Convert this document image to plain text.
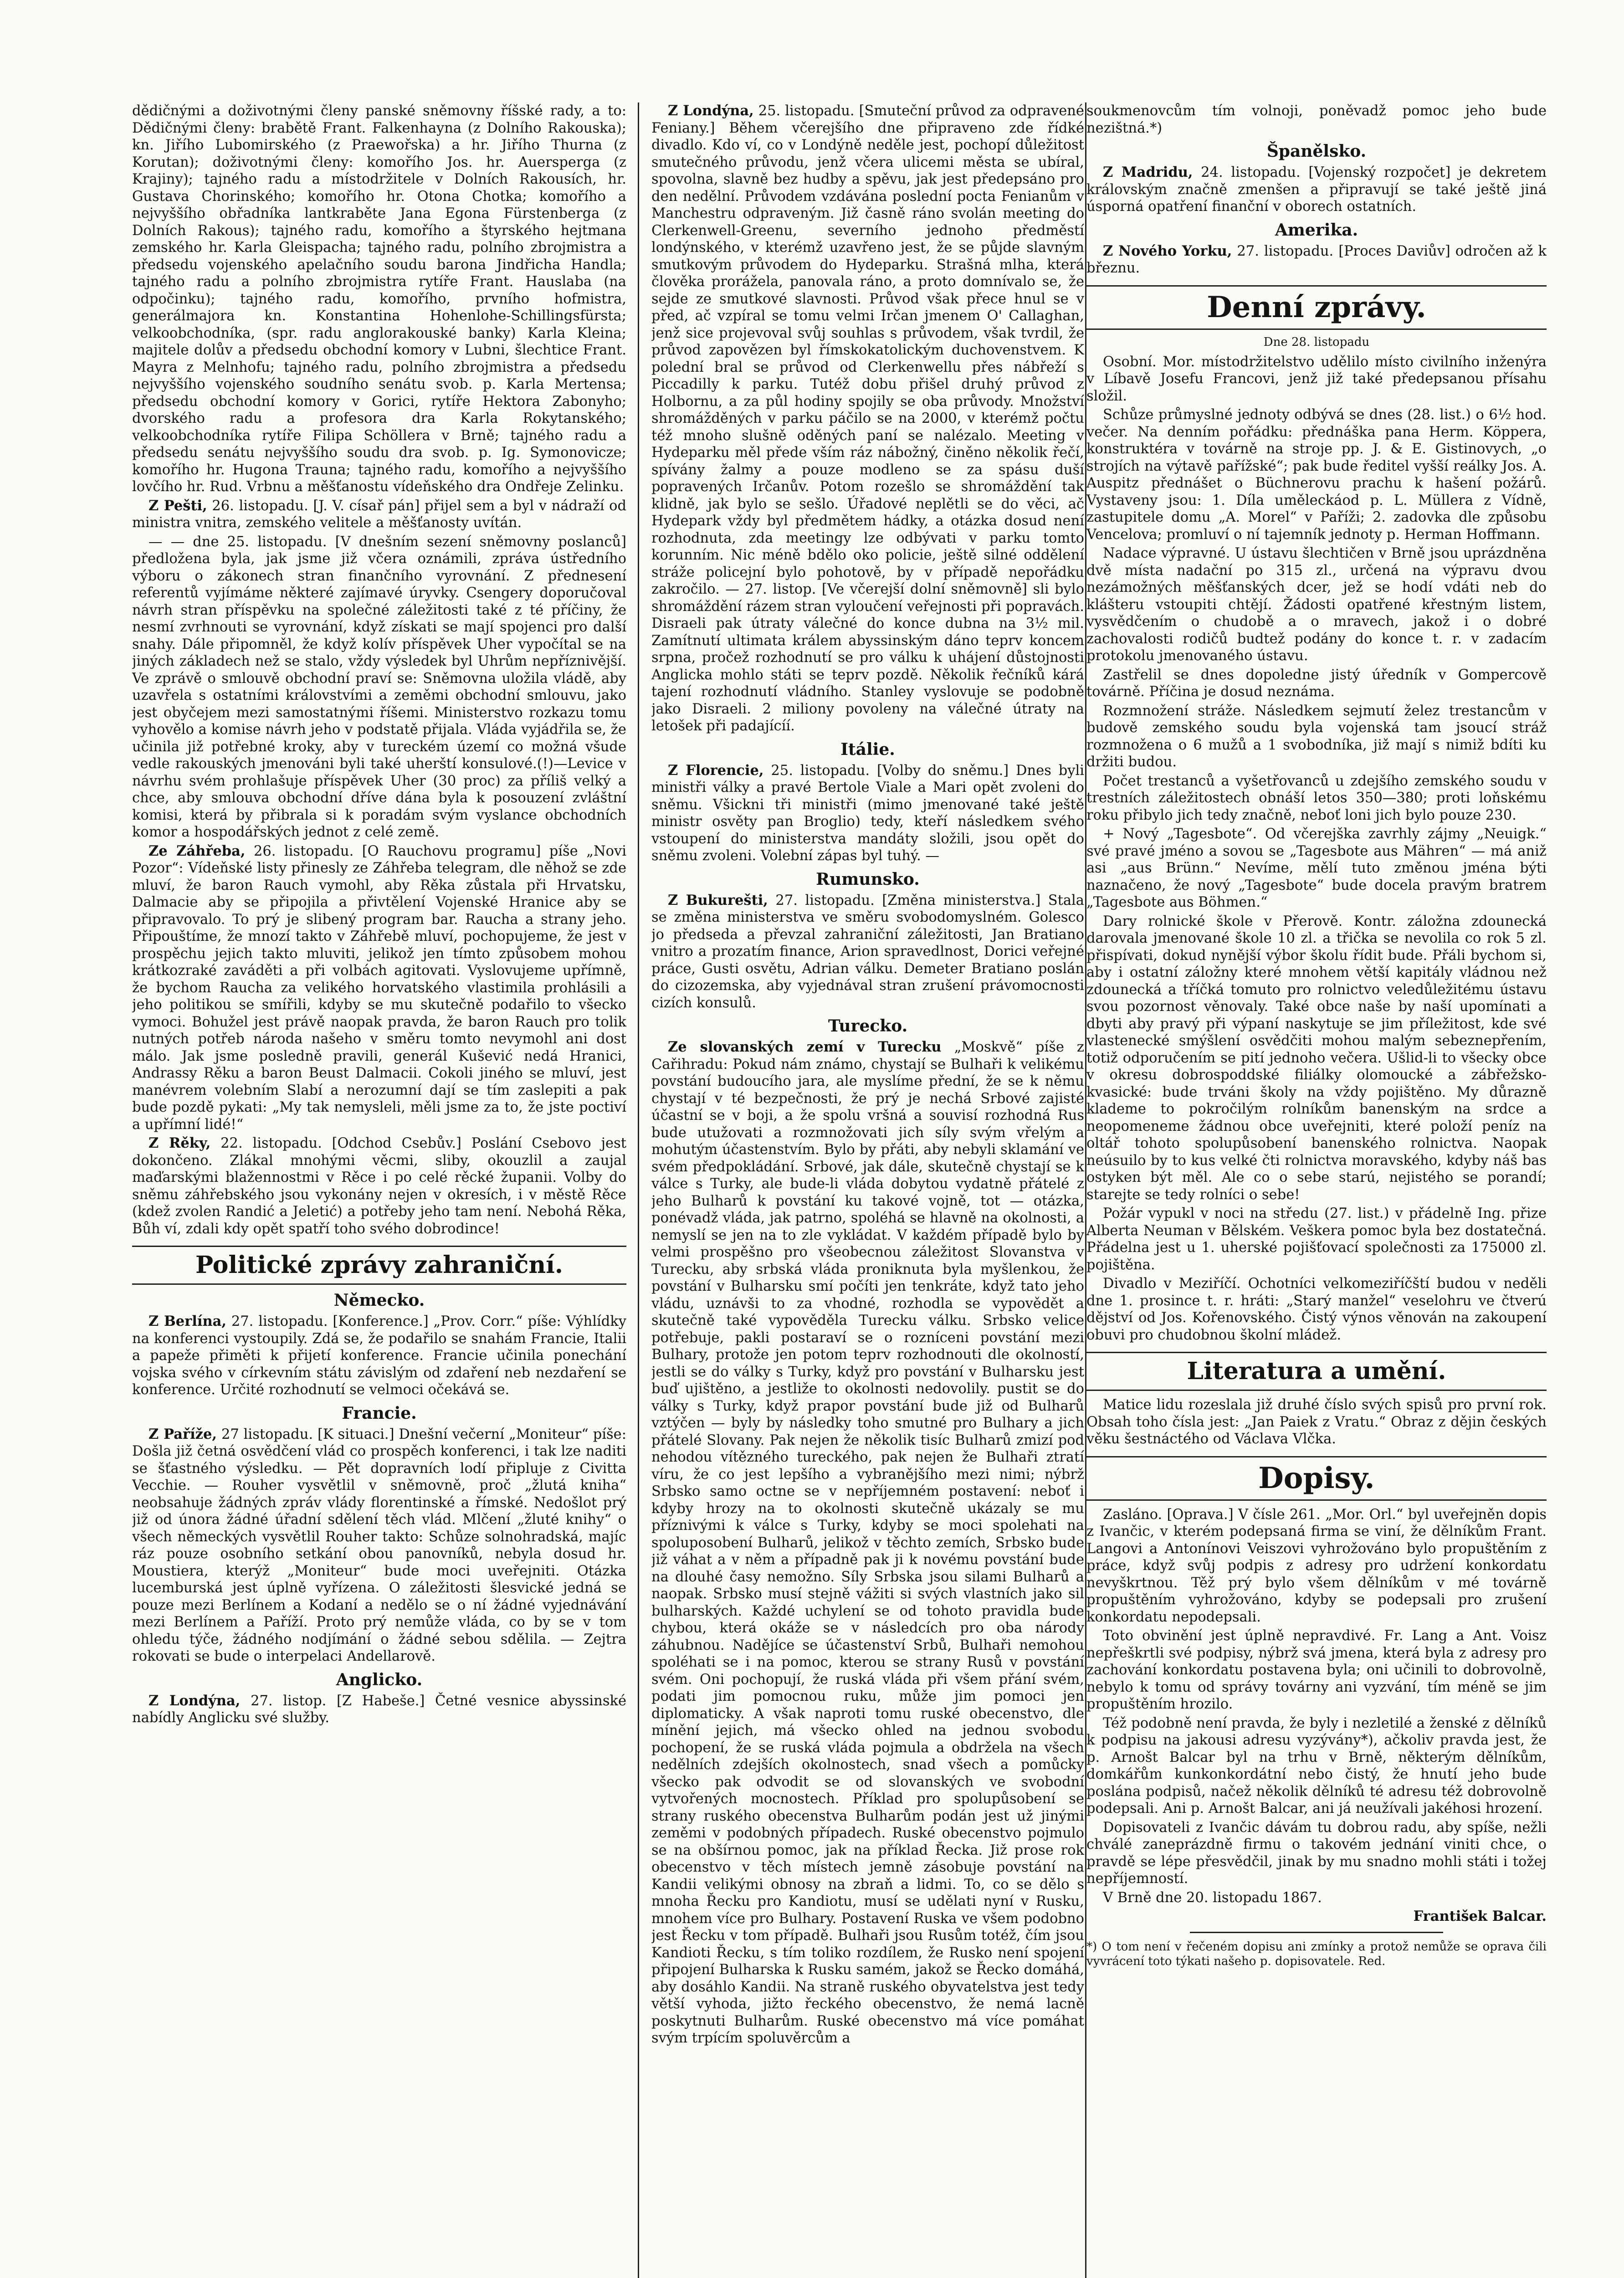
dědičnými a doživotnými členy panské sněmovny říšské rady, a to: Dědičnými členy: brabětě Frant. Falkenhayna (z Dolního Rakouska); kn. Jiřího Lubomirského (z Praewořska) a hr. Jiřího Thurna (z Korutan); doživotnými členy: komořího Jos. hr. Auersperga (z Krajiny); tajného radu a místodržitele v Dolních Rakousích, hr. Gustava Chorinského; komořího hr. Otona Chotka; komořího a nejvyššího obřadníka lantkraběte Jana Egona Fürstenberga (z Dolních Rakous); tajného radu, komořího a štyrského hejtmana zemského hr. Karla Gleispacha; tajného radu, polního zbrojmistra a předsedu vojenského apelačního soudu barona Jindřicha Handla; tajného radu a polního zbrojmistra rytíře Frant. Hauslaba (na odpočinku); tajného radu, komořího, prvního hofmistra, generálmajora kn. Konstantina Hohenlohe-Schillingsfürsta; velkoobchodníka, (spr. radu anglorakouské banky) Karla Kleina; majitele dolův a předsedu obchodní komory v Lubni, šlechtice Frant. Mayra z Melnhofu; tajného radu, polního zbrojmistra a předsedu nejvyššího vojenského soudního senátu svob. p. Karla Mertensa; předsedu obchodní komory v Gorici, rytíře Hektora Zabonyho; dvorského radu a profesora dra Karla Rokytanského; velkoobchodníka rytíře Filipa Schöllera v Brně; tajného radu a předsedu senátu nejvyššího soudu dra svob. p. Ig. Symonovicze; komořího hr. Hugona Trauna; tajného radu, komořího a nejvyššího lovčího hr. Rud. Vrbnu a měšťanostu vídeňského dra Ondřeje Zelinku.

Z Pešti, 26. listopadu. [J. V. císař pán] přijel sem a byl v nádraží od ministra vnitra, zemského velitele a měšťanosty uvítán.

— — dne 25. listopadu. [V dnešním sezení sněmovny poslanců] předložena byla, jak jsme již včera oznámili, zpráva ústředního výboru o zákonech stran finančního vyrovnání. Z přednesení referentů vyjímáme některé zajímavé úryvky. Csengery doporučoval návrh stran příspěvku na společné záležitosti také z té příčiny, že nesmí zvrhnouti se vyrovnání, když získati se mají spojenci pro další snahy. Dále připomněl, že když kolív příspěvek Uher vypočítal se na jiných základech než se stalo, vždy výsledek byl Uhrům nepříznivější. Ve zprávě o smlouvě obchodní praví se: Sněmovna uložila vládě, aby uzavřela s ostatními královstvími a zeměmi obchodní smlouvu, jako jest obyčejem mezi samostatnými říšemi. Ministerstvo rozkazu tomu vyhovělo a komise návrh jeho v podstatě přijala. Vláda vyjádřila se, že učinila již potřebné kroky, aby v tureckém území co možná všude vedle rakouských jmenováni byli také uherští konsulové.(!)—Levice v návrhu svém prohlašuje příspěvek Uher (30 proc) za příliš velký a chce, aby smlouva obchodní dříve dána byla k posouzení zvláštní komisi, která by přibrala si k poradám svým vyslance obchodních komor a hospodářských jednot z celé země.

Ze Záhřeba, 26. listopadu. [O Rauchovu programu] píše „Novi Pozor“: Vídeňské listy přinesly ze Záhřeba telegram, dle něhož se zde mluví, že baron Rauch vymohl, aby Rěka zůstala při Hrvatsku, Dalmacie aby se připojila a přivtělení Vojenské Hranice aby se připravovalo. To prý je slibený program bar. Raucha a strany jeho. Připouštíme, že mnozí takto v Záhřebě mluví, pochopujeme, že jest v prospěchu jejich takto mluviti, jelikož jen tímto způsobem mohou krátkozraké zaváděti a při volbách agitovati. Vyslovujeme upřímně, že bychom Raucha za velikého horvatského vlastimila prohlásili a jeho politikou se smířili, kdyby se mu skutečně podařilo to všecko vymoci. Bohužel jest právě naopak pravda, že baron Rauch pro tolik nutných potřeb národa našeho v směru tomto nevymohl ani dost málo. Jak jsme posledně pravili, generál Kušević nedá Hranici, Andrassy Rěku a baron Beust Dalmacii. Cokoli jiného se mluví, jest manévrem volebním Slabí a nerozumní dají se tím zaslepiti a pak bude pozdě pykati: „My tak nemysleli, měli jsme za to, že jste poctiví a upřímní lidé!“

Z Rěky, 22. listopadu. [Odchod Csebův.] Poslání Csebovo jest dokončeno. Zlákal mnohými věcmi, sliby, okouzlil a zaujal maďarskými blažennostmi v Rěce i po celé rěcké županii. Volby do sněmu záhřebského jsou vykonány nejen v okresích, i v městě Rěce (kdež zvolen Randić a Jeletić) a potřeby jeho tam není. Nebohá Rěka, Bůh ví, zdali kdy opět spatří toho svého dobrodince!

Politické zprávy zahraniční.
Německo.

Z Berlína, 27. listopadu. [Konference.] „Prov. Corr.“ píše: Výhlídky na konferenci vystoupily. Zdá se, že podařilo se snahám Francie, Italii a papeže přiměti k přijetí konference. Francie učinila ponechání vojska svého v církevním státu závislým od zdaření neb nezdaření se konference. Určité rozhodnutí se velmoci očekává se.

Francie.

Z Paříže, 27 listopadu. [K situaci.] Dnešní večerní „Moniteur“ píše: Došla již četná osvědčení vlád co prospěch konferenci, i tak lze naditi se šťastného výsledku. — Pět dopravních lodí připluje z Civitta Vecchie. — Rouher vysvětlil v sněmovně, proč „žlutá kniha“ neobsahuje žádných zpráv vlády florentinské a římské. Nedošlot prý již od února žádné úřadní sdělení těch vlád. Mlčení „žluté knihy“ o všech německých vysvětlil Rouher takto: Schůze solnohradská, majíc ráz pouze osobního setkání obou panovníků, nebyla dosud hr. Moustiera, kterýž „Moniteur“ bude moci uveřejniti. Otázka lucemburská jest úplně vyřízena. O záležitosti šlesvické jedná se pouze mezi Berlínem a Kodaní a nedělo se o ní žádné vyjednávání mezi Berlínem a Paříží. Proto prý nemůže vláda, co by se v tom ohledu týče, žádného nodjímání o žádné sebou sdělila. — Zejtra rokovati se bude o interpelaci Andellarově.

Anglicko.

Z Londýna, 27. listop. [Z Habeše.] Četné vesnice abyssinské nabídly Anglicku své služby.

Z Londýna, 25. listopadu. [Smuteční průvod za odpravené Feniany.] Během včerejšího dne připraveno zde řídké divadlo. Kdo ví, co v Londýně neděle jest, pochopí důležitost smutečného průvodu, jenž včera ulicemi města se ubíral, spovolna, slavně bez hudby a spěvu, jak jest předepsáno pro den nedělní. Průvodem vzdávána poslední pocta Fenianům v Manchestru odpraveným. Již časně ráno svolán meeting do Clerkenwell-Greenu, severního jednoho předměstí londýnského, v kterémž uzavřeno jest, že se půjde slavným smutkovým průvodem do Hydeparku. Strašná mlha, která člověka prorážela, panovala ráno, a proto domnívalo se, že sejde ze smutkové slavnosti. Průvod však přece hnul se v před, ač vzpíral se tomu velmi Irčan jmenem O' Callaghan, jenž sice projevoval svůj souhlas s průvodem, však tvrdil, že průvod zapovězen byl římskokatolickým duchovenstvem. K polední bral se průvod od Clerkenwellu přes nábřeží s Piccadilly k parku. Tutéž dobu přišel druhý průvod z Holbornu, a za půl hodiny spojily se oba průvody. Množství shromážděných v parku páčilo se na 2000, v kterémž počtu též mnoho slušně oděných paní se nalézalo. Meeting v Hydeparku měl přede vším ráz nábožný, činěno několik řečí, spívány žalmy a pouze modleno se za spásu duší popravených Irčanův. Potom rozešlo se shromáždění tak klidně, jak bylo se sešlo. Úřadové neplětli se do věci, ač Hydepark vždy byl předmětem hádky, a otázka dosud není rozhodnuta, zda meetingy lze odbývati v parku tomto korunním. Nic méně bdělo oko policie, ještě silné oddělení stráže policejní bylo pohotově, by v případě nepořádku zakročilo. — 27. listop. [Ve včerejší dolní sněmovně] sli bylo shromáždění rázem stran vyloučení veřejnosti při popravách. Disraeli pak útraty válečné do konce dubna na 3½ mil. Zamítnutí ultimata králem abyssinským dáno teprv koncem srpna, pročež rozhodnutí se pro válku k uhájení důstojnosti Anglicka mohlo státi se teprv pozdě. Několik řečníků kárá tajení rozhodnutí vládního. Stanley vyslovuje se podobně jako Disraeli. 2 miliony povoleny na válečné útraty na letošek při padajícíí.

Itálie.

Z Florencie, 25. listopadu. [Volby do sněmu.] Dnes byli ministři války a pravé Bertole Viale a Mari opět zvoleni do sněmu. Všickni tři ministři (mimo jmenované také ještě ministr osvěty pan Broglio) tedy, kteří následkem svého vstoupení do ministerstva mandáty složili, jsou opět do sněmu zvoleni. Volební zápas byl tuhý. —

Rumunsko.

Z Bukurešti, 27. listopadu. [Změna ministerstva.] Stala se změna ministerstva ve směru svobodomyslném. Golesco jo předseda a převzal zahraniční záležitosti, Jan Bratiano vnitro a prozatím finance, Arion spravedlnost, Dorici veřejné práce, Gusti osvětu, Adrian válku. Demeter Bratiano poslán do cizozemska, aby vyjednával stran zrušení právomocnosti cizích konsulů.

Turecko.

Ze slovanských zemí v Turecku „Moskvě“ píše z Cařihradu: Pokud nám známo, chystají se Bulhaři k velikému povstání budoucího jara, ale myslíme přední, že se k němu chystají v té bezpečnosti, že prý je nechá Srbové zajisté účastní se v boji, a že spolu vršná a souvisí rozhodná Rus bude utužovati a rozmnožovati jich síly svým vřelým a mohutým účastenstvím. Bylo by přáti, aby nebyli sklamání ve svém předpokládání. Srbové, jak dále, skutečně chystají se k válce s Turky, ale bude-li vláda dobytou vydatně přátelé z jeho Bulharů k povstání ku takové vojně, tot — otázka, ponévadž vláda, jak patrno, spoléhá se hlavně na okolnosti, a nemyslí se jen na to zle vykládat. V každém případě bylo by velmi prospěšno pro všeobecnou záležitost Slovanstva v Turecku, aby srbská vláda proniknuta byla myšlenkou, že povstání v Bulharsku smí počíti jen tenkráte, když tato jeho vládu, uznávši to za vhodné, rozhodla se vypovědět a skutečně také vypověděla Turecku válku. Srbsko velice potřebuje, pakli postaraví se o rozníceni povstání mezi Bulhary, protože jen potom teprv rozhodnouti dle okolností, jestli se do války s Turky, když pro povstání v Bulharsku jest buď ujištěno, a jestliže to okolnosti nedovolily. pustit se do války s Turky, když prapor povstání bude již od Bulharů vztýčen — byly by následky toho smutné pro Bulhary a jich přátelé Slovany. Pak nejen že několik tisíc Bulharů zmizí pod nehodou vítězného tureckého, pak nejen že Bulhaři ztratí víru, že co jest lepšího a vybranějšího mezi nimi; nýbrž Srbsko samo octne se v nepříjemném postavení: neboť i kdyby hrozy na to okolnosti skutečně ukázaly se mu příznivými k válce s Turky, kdyby se moci spolehati na spoluposobení Bulharů, jelikož v těchto zemích, Srbsko bude již váhat a v něm a případně pak ji k novému povstání bude na dlouhé časy nemožno. Síly Srbska jsou silami Bulharů a naopak. Srbsko musí stejně vážiti si svých vlastních jako sil bulharských. Každé uchylení se od tohoto pravidla bude chybou, která okáže se v následcích pro oba národy záhubnou. Nadějíce se účastenství Srbů, Bulhaři nemohou spoléhati se i na pomoc, kterou se strany Rusů v povstání svém. Oni pochopují, že ruská vláda při všem přání svém, podati jim pomocnou ruku, může jim pomoci jen diplomaticky. A však naproti tomu ruské obecenstvo, dle mínění jejich, má všecko ohled na jednou svobodu pochopení, že se ruská vláda pojmula a obdržela na všech nedělních zdejších okolnostech, snad všech a pomůcky všecko pak odvodit se od slovanských ve svobodní vytvořených mocnostech. Příklad pro spolupůsobení se strany ruského obecenstva Bulharům podán jest už jinými zeměmi v podobných případech. Ruské obecenstvo pojmulo se na obšírnou pomoc, jak na příklad Řecka. Již prose rok obecenstvo v těch místech jemně zásobuje povstání na Kandii velikými obnosy na zbraň a lidmi. To, co se dělo s mnoha Řecku pro Kandiotu, musí se udělati nyní v Rusku, mnohem více pro Bulhary. Postavení Ruska ve všem podobno jest Řecku v tom případě. Bulhaři jsou Rusům totéž, čím jsou Kandioti Řecku, s tím toliko rozdílem, že Rusko není spojení připojení Bulharska k Rusku samém, jakož se Řecko domáhá, aby dosáhlo Kandii. Na straně ruského obyvatelstva jest tedy větší vyhoda, jižto řeckého obecenstvo, že nemá lacně poskytnuti Bulharům. Ruské obecenstvo má více pomáhat svým trpícím spoluvěrcům a

soukmenovcům tím volnoji, poněvadž pomoc jeho bude nezištná.*)

Španělsko.

Z Madridu, 24. listopadu. [Vojenský rozpočet] je dekretem královským značně zmenšen a připravují se také ještě jiná úsporná opatření finanční v oborech ostatních.

Amerika.

Z Nového Yorku, 27. listopadu. [Proces Daviův] odročen až k březnu.

Denní zprávy.
Dne 28. listopadu

Osobní. Mor. místodržitelstvo udělilo místo civilního inženýra v Líbavě Josefu Francovi, jenž již také předepsanou přísahu složil.

Schůze průmyslné jednoty odbývá se dnes (28. list.) o 6½ hod. večer. Na denním pořádku: přednáška pana Herm. Köppera, konstruktéra v továrně na stroje pp. J. & E. Gistinovych, „o strojích na výtavě pařížské“; pak bude ředitel vyšší reálky Jos. A. Auspitz přednášet o Büchnerovu prachu k hašení požárů. Vystaveny jsou: 1. Díla uměleckáod p. L. Müllera z Vídně, zastupitele domu „A. Morel“ v Paříži; 2. zadovka dle způsobu Vencelova; promluví o ní tajemník jednoty p. Herman Hoffmann.

Nadace výpravné. U ústavu šlechtičen v Brně jsou uprázdněna dvě místa nadační po 315 zl., určená na výpravu dvou nezámožných měšťanských dcer, jež se hodí vdáti neb do klášteru vstoupiti chtějí. Žádosti opatřené křestným listem, vysvědčením o chudobě a o mravech, jakož i o dobré zachovalosti rodičů budtež podány do konce t. r. v zadacím protokolu jmenovaného ústavu.

Zastřelil se dnes dopoledne jistý úředník v Gompercově továrně. Příčina je dosud neznáma.

Rozmnožení stráže. Následkem sejmutí želez trestancům v budově zemského soudu byla vojenská tam jsoucí stráž rozmnožena o 6 mužů a 1 svobodníka, již mají s nimiž bdíti ku držiti budou.

Počet trestanců a vyšetřovanců u zdejšího zemského soudu v trestních záležitostech obnáší letos 350—380; proti loňskému roku přibylo jich tedy značně, neboť loni jich bylo pouze 230.

+ Nový „Tagesbote“. Od včerejška zavrhly zájmy „Neuigk.“ své pravé jméno a sovou se „Tagesbote aus Mähren“ — má aniž asi „aus Brünn.“ Nevíme, mělí tuto změnou jména býti naznačeno, že nový „Tagesbote“ bude docela pravým bratrem „Tagesbote aus Böhmen.“

Dary rolnické škole v Přerově. Kontr. záložna zdounecká darovala jmenované škole 10 zl. a třička se nevolila co rok 5 zl. přispívati, dokud nynější výbor školu řídit bude. Přáli bychom si, aby i ostatní záložny které mnohem větší kapitály vládnou než zdounecká a tříčká tomuto pro rolnictvo veledůležitému ústavu svou pozornost věnovaly. Také obce naše by naší upomínati a dbyti aby pravý při výpaní naskytuje se jim příležitost, kde své vlastenecké smýšlení osvědčiti mohou malým sebeznepřením, totiž odporučením se pití jednoho večera. Ušlid-li to všecky obce v okresu dobrospoddské filiálky olomoucké a zábřežsko-kvasické: bude trváni školy na vždy pojištěno. My důrazně klademe to pokročilým rolníkům banenským na srdce a neopomeneme žádnou obce uveřejniti, které položí peníz na oltář tohoto spolupůsobení banenského rolnictva. Naopak neúsuilo by to kus velké čti rolnictva moravského, kdyby náš bas ostyken být měl. Ale co o sebe starú, nejistého se porandí; starejte se tedy rolníci o sebe!

Požár vypukl v noci na středu (27. list.) v přádelně Ing. přize Alberta Neuman v Bělském. Veškera pomoc byla bez dostatečná. Přádelna jest u 1. uherské pojišťovací společnosti za 175000 zl. pojištěna.

Divadlo v Meziříčí. Ochotníci velkomeziříčští budou v neděli dne 1. prosince t. r. hráti: „Starý manžel“ veselohru ve čtverú dějství od Jos. Kořenovského. Čistý výnos věnován na zakoupení obuvi pro chudobnou školní mládež.

Literatura a umění.

Matice lidu rozeslala již druhé číslo svých spisů pro první rok. Obsah toho čísla jest: „Jan Paiek z Vratu.“ Obraz z dějin českých věku šestnáctého od Václava Vlčka.

Dopisy.

Zasláno. [Oprava.] V čísle 261. „Mor. Orl.“ byl uveřejněn dopis z Ivančic, v kterém podepsaná firma se viní, že dělníkům Frant. Langovi a Antonínovi Veiszovi vyhrožováno bylo propuštěním z práce, když svůj podpis z adresy pro udržení konkordatu nevyškrtnou. Těž prý bylo všem dělníkům v mé továrně propuštěním vyhrožováno, kdyby se podepsali pro zrušení konkordatu nepodepsali.

Toto obvinění jest úplně nepravdivé. Fr. Lang a Ant. Voisz nepřeškrtli své podpisy, nýbrž svá jmena, která byla z adresy pro zachování konkordatu postavena byla; oni učinili to dobrovolně, nebylo k tomu od správy továrny ani vyzvání, tím méně se jim propuštěním hrozilo.

Též podobně není pravda, že byly i nezletilé a ženské z dělníků k podpisu na jakousi adresu vyzývány*), ačkoliv pravda jest, že p. Arnošt Balcar byl na trhu v Brně, některým dělníkům, domkářům kunkonkordátní nebo čistý, že hnutí jeho bude poslána podpisů, načež několik dělníků té adresu též dobrovolně podepsali. Ani p. Arnošt Balcar, ani já neužívali jakéhosi hrození.

Dopisovateli z Ivančic dávám tu dobrou radu, aby spíše, nežli chválé zaneprázdně firmu o takovém jednání viniti chce, o pravdě se lépe přesvědčil, jinak by mu snadno mohli státi i tožej nepříjemností.

V Brně dne 20. listopadu 1867.

František Balcar.

*) O tom není v řečeném dopisu ani zmínky a protož nemůže se oprava čili vyvrácení toto týkati našeho p. dopisovatele. Red.
